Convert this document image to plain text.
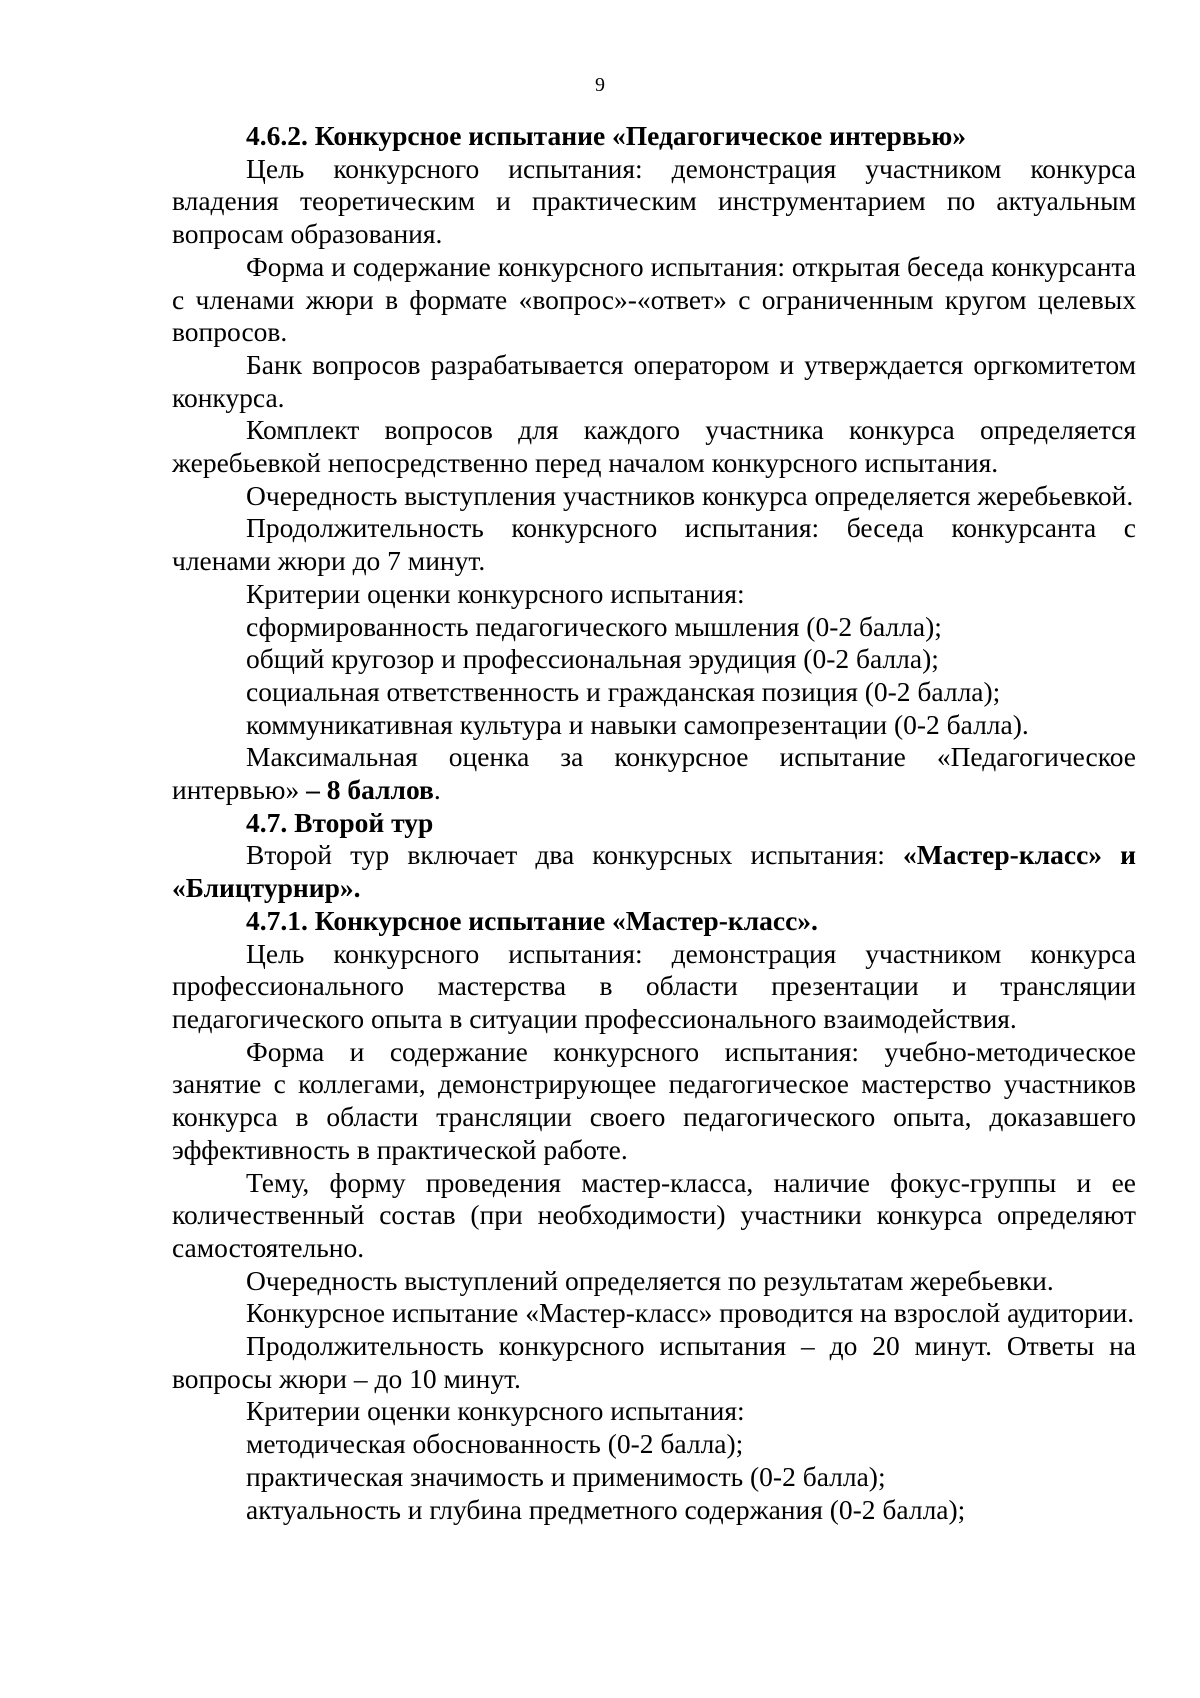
9

4.6.2. Конкурсное испытание «Педагогическое интервью»

Цель конкурсного испытания: демонстрация участником конкурса владения теоретическим и практическим инструментарием по актуальным вопросам образования.

Форма и содержание конкурсного испытания: открытая беседа конкурсанта с членами жюри в формате «вопрос»-«ответ» с ограниченным кругом целевых вопросов.

Банк вопросов разрабатывается оператором и утверждается оргкомитетом конкурса.

Комплект вопросов для каждого участника конкурса определяется жеребьевкой непосредственно перед началом конкурсного испытания.

Очередность выступления участников конкурса определяется жеребьевкой.

Продолжительность конкурсного испытания: беседа конкурсанта с членами жюри до 7 минут.

Критерии оценки конкурсного испытания:

сформированность педагогического мышления (0-2 балла);

общий кругозор и профессиональная эрудиция (0-2 балла);

социальная ответственность и гражданская позиция (0-2 балла);

коммуникативная культура и навыки самопрезентации (0-2 балла).

Максимальная оценка за конкурсное испытание «Педагогическое интервью» – 8 баллов.

4.7. Второй тур

Второй тур включает два конкурсных испытания: «Мастер-класс» и «Блицтурнир».

4.7.1. Конкурсное испытание «Мастер-класс».

Цель конкурсного испытания: демонстрация участником конкурса профессионального мастерства в области презентации и трансляции педагогического опыта в ситуации профессионального взаимодействия.

Форма и содержание конкурсного испытания: учебно-методическое занятие с коллегами, демонстрирующее педагогическое мастерство участников конкурса в области трансляции своего педагогического опыта, доказавшего эффективность в практической работе.

Тему, форму проведения мастер-класса, наличие фокус-группы и ее количественный состав (при необходимости) участники конкурса определяют самостоятельно.

Очередность выступлений определяется по результатам жеребьевки.

Конкурсное испытание «Мастер-класс» проводится на взрослой аудитории.

Продолжительность конкурсного испытания – до 20 минут. Ответы на вопросы жюри – до 10 минут.

Критерии оценки конкурсного испытания:

методическая обоснованность (0-2 балла);

практическая значимость и применимость (0-2 балла);

актуальность и глубина предметного содержания (0-2 балла);
